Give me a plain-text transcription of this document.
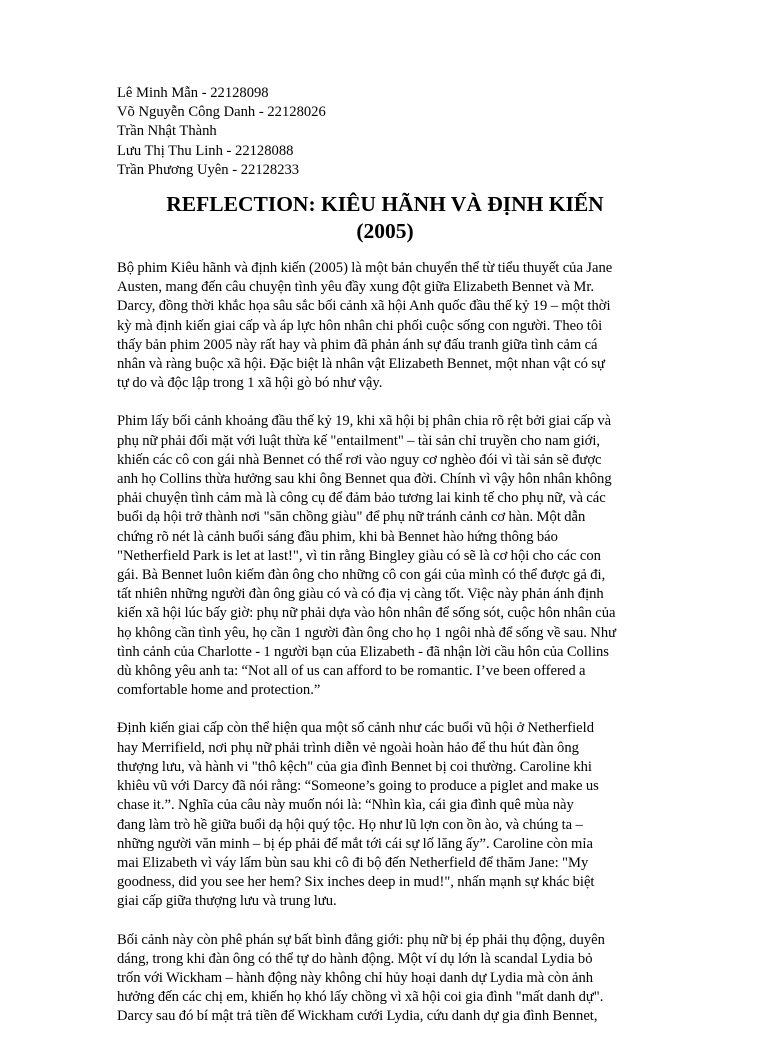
Lê Minh Mẫn - 22128098
Võ Nguyễn Công Danh - 22128026
Trần Nhật Thành
Lưu Thị Thu Linh - 22128088
Trần Phương Uyên - 22128233
REFLECTION: KIÊU HÃNH VÀ ĐỊNH KIẾN
(2005)
Bộ phim Kiêu hãnh và định kiến (2005) là một bản chuyển thể từ tiểu thuyết của Jane
Austen, mang đến câu chuyện tình yêu đầy xung đột giữa Elizabeth Bennet và Mr.
Darcy, đồng thời khắc họa sâu sắc bối cảnh xã hội Anh quốc đầu thế kỷ 19 – một thời
kỳ mà định kiến giai cấp và áp lực hôn nhân chi phối cuộc sống con người. Theo tôi
thấy bản phim 2005 này rất hay và phim đã phản ánh sự đấu tranh giữa tình cảm cá
nhân và ràng buộc xã hội. Đặc biệt là nhân vật Elizabeth Bennet, một nhan vật có sự
tự do và độc lập trong 1 xã hội gò bó như vậy.
Phim lấy bối cảnh khoảng đầu thế kỷ 19, khi xã hội bị phân chia rõ rệt bởi giai cấp và
phụ nữ phải đối mặt với luật thừa kế "entailment" – tài sản chỉ truyền cho nam giới,
khiến các cô con gái nhà Bennet có thể rơi vào nguy cơ nghèo đói vì tài sản sẽ được
anh họ Collins thừa hưởng sau khi ông Bennet qua đời. Chính vì vậy hôn nhân không
phải chuyện tình cảm mà là công cụ để đảm bảo tương lai kinh tế cho phụ nữ, và các
buổi dạ hội trở thành nơi "săn chồng giàu" để phụ nữ tránh cảnh cơ hàn. Một dẫn
chứng rõ nét là cảnh buổi sáng đầu phim, khi bà Bennet hào hứng thông báo
"Netherfield Park is let at last!", vì tin rằng Bingley giàu có sẽ là cơ hội cho các con
gái. Bà Bennet luôn kiếm đàn ông cho những cô con gái của mình có thể được gả đi,
tất nhiên những người đàn ông giàu có và có địa vị càng tốt. Việc này phản ánh định
kiến xã hội lúc bấy giờ: phụ nữ phải dựa vào hôn nhân để sống sót, cuộc hôn nhân của
họ không cần tình yêu, họ cần 1 người đàn ông cho họ 1 ngôi nhà để sống về sau. Như
tình cảnh của Charlotte - 1 người bạn của Elizabeth - đã nhận lời cầu hôn của Collins
dù không yêu anh ta: “Not all of us can afford to be romantic. I’ve been offered a
comfortable home and protection.”
Định kiến giai cấp còn thể hiện qua một số cảnh như các buổi vũ hội ở Netherfield
hay Merrifield, nơi phụ nữ phải trình diễn vẻ ngoài hoàn hảo để thu hút đàn ông
thượng lưu, và hành vi "thô kệch" của gia đình Bennet bị coi thường. Caroline khi
khiêu vũ với Darcy đã nói rằng: “Someone’s going to produce a piglet and make us
chase it.”. Nghĩa của câu này muốn nói là: “Nhìn kìa, cái gia đình quê mùa này
đang làm trò hề giữa buổi dạ hội quý tộc. Họ như lũ lợn con ồn ào, và chúng ta –
những người văn minh – bị ép phải để mắt tới cái sự lố lăng ấy”. Caroline còn mỉa
mai Elizabeth vì váy lấm bùn sau khi cô đi bộ đến Netherfield để thăm Jane: "My
goodness, did you see her hem? Six inches deep in mud!", nhấn mạnh sự khác biệt
giai cấp giữa thượng lưu và trung lưu.
Bối cảnh này còn phê phán sự bất bình đẳng giới: phụ nữ bị ép phải thụ động, duyên
dáng, trong khi đàn ông có thể tự do hành động. Một ví dụ lớn là scandal Lydia bỏ
trốn với Wickham – hành động này không chỉ hủy hoại danh dự Lydia mà còn ảnh
hưởng đến các chị em, khiến họ khó lấy chồng vì xã hội coi gia đình "mất danh dự".
Darcy sau đó bí mật trả tiền để Wickham cưới Lydia, cứu danh dự gia đình Bennet,
